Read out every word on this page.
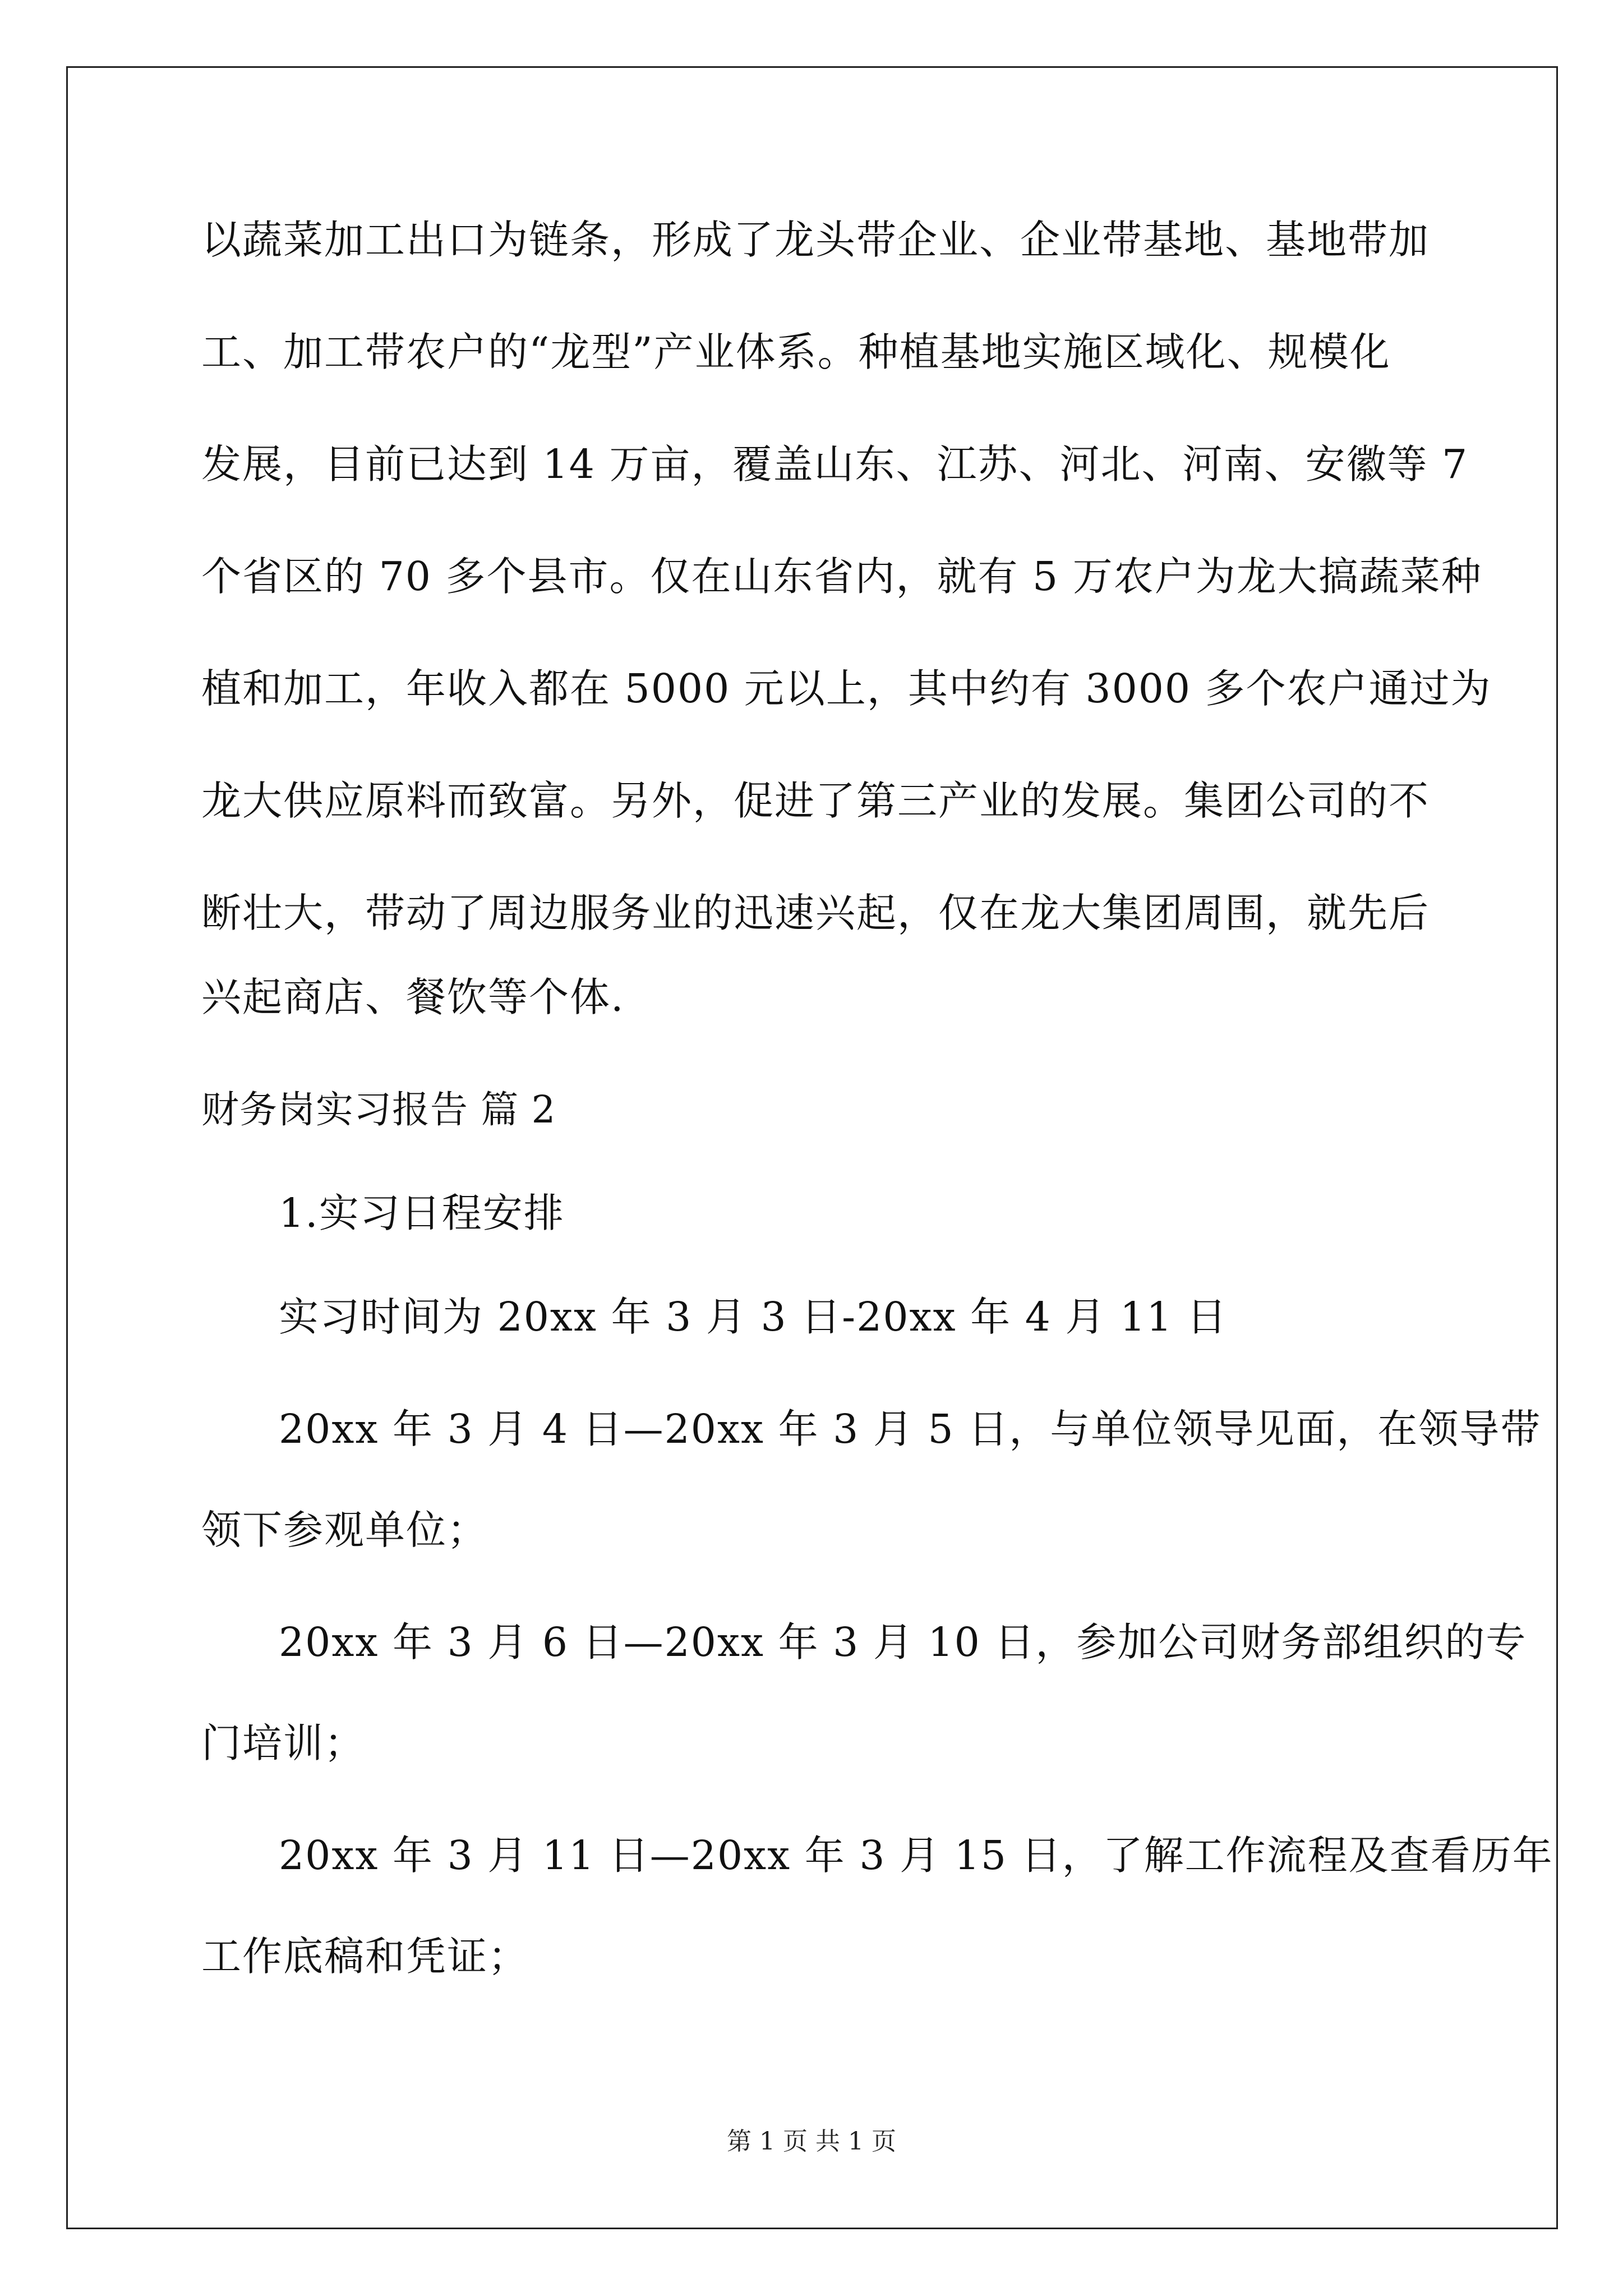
以蔬菜加工出口为链条，形成了龙头带企业、企业带基地、基地带加
工、加工带农户的“龙型”产业体系。种植基地实施区域化、规模化
发展，目前已达到 14 万亩，覆盖山东、江苏、河北、河南、安徽等 7
个省区的 70 多个县市。仅在山东省内，就有 5 万农户为龙大搞蔬菜种
植和加工，年收入都在 5000 元以上，其中约有 3000 多个农户通过为
龙大供应原料而致富。另外，促进了第三产业的发展。集团公司的不
断壮大，带动了周边服务业的迅速兴起，仅在龙大集团周围，就先后
兴起商店、餐饮等个体.
财务岗实习报告 篇 2
1.实习日程安排
实习时间为 20xx 年 3 月 3 日-20xx 年 4 月 11 日
20xx 年 3 月 4 日—20xx 年 3 月 5 日，与单位领导见面，在领导带
领下参观单位；
20xx 年 3 月 6 日—20xx 年 3 月 10 日，参加公司财务部组织的专
门培训；
20xx 年 3 月 11 日—20xx 年 3 月 15 日，了解工作流程及查看历年
工作底稿和凭证；
第 1 页 共 1 页
